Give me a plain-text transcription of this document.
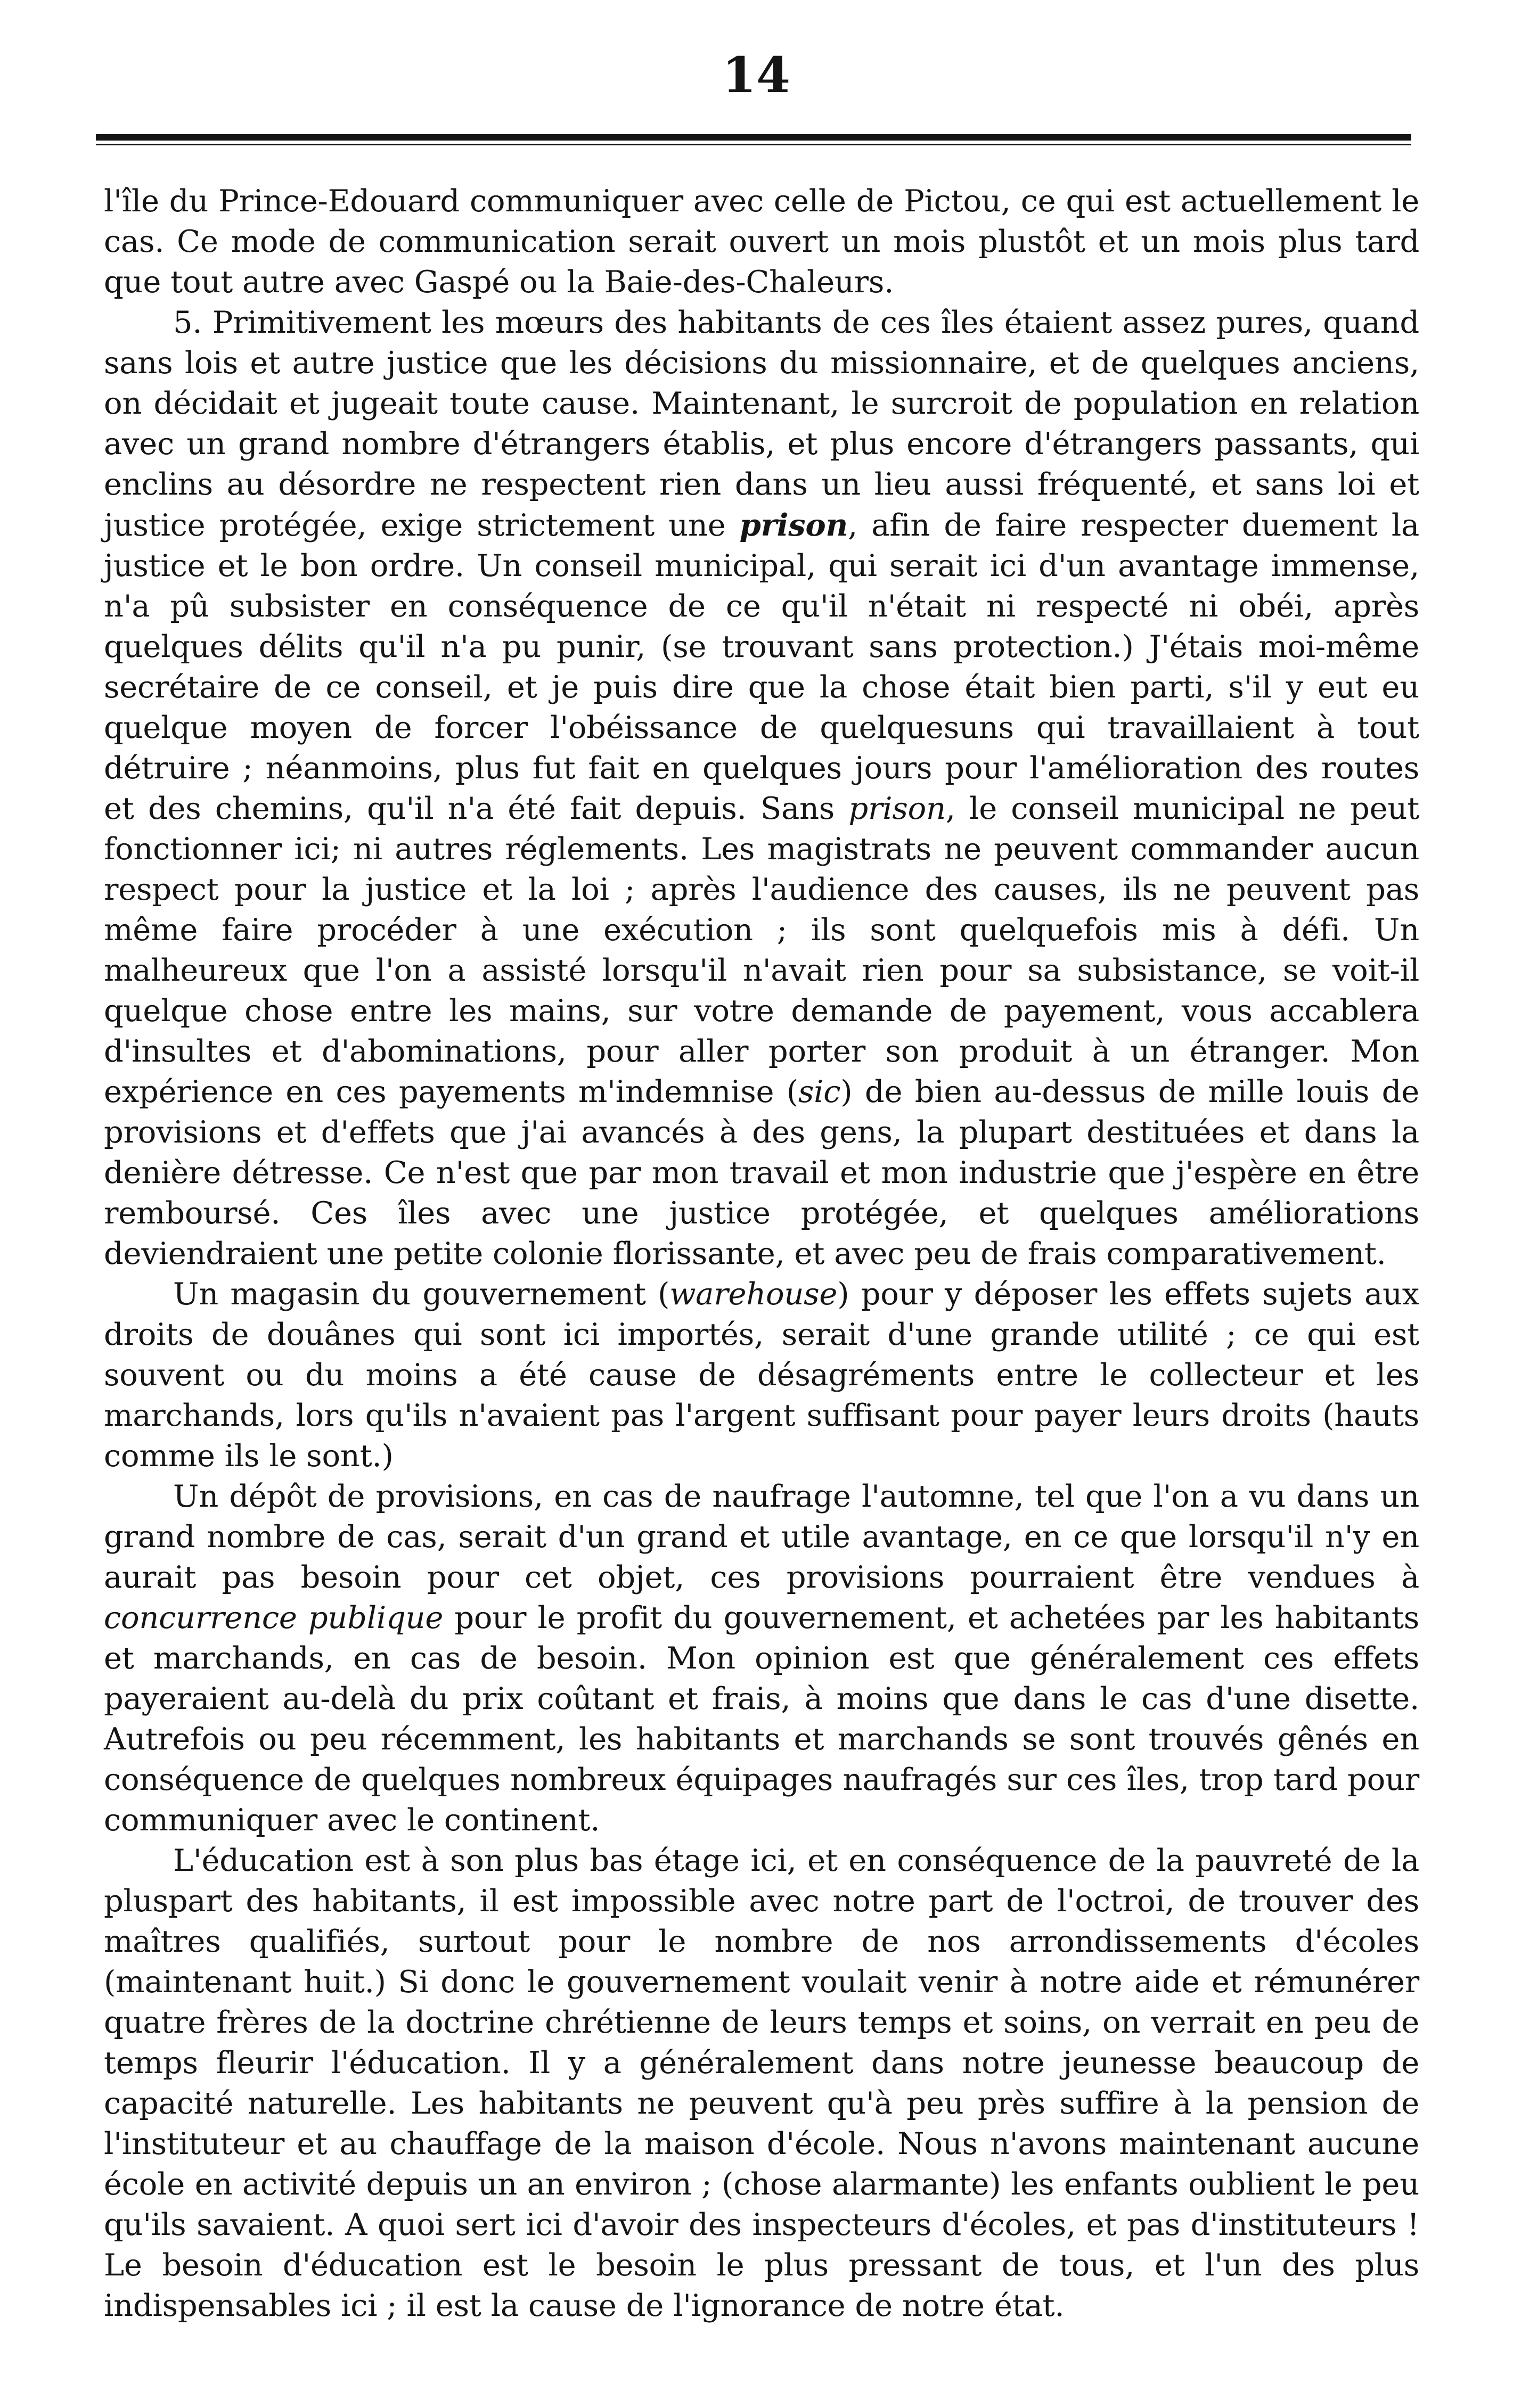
14

l'île du Prince-Edouard communiquer avec celle de Pictou, ce qui est actuellement le cas. Ce mode de communication serait ouvert un mois plustôt et un mois plus tard que tout autre avec Gaspé ou la Baie-des-Chaleurs.

5. Primitivement les mœurs des habitants de ces îles étaient assez pures, quand sans lois et autre justice que les décisions du missionnaire, et de quelques anciens, on décidait et jugeait toute cause. Maintenant, le surcroit de population en relation avec un grand nombre d'étrangers établis, et plus encore d'étrangers passants, qui enclins au désordre ne respectent rien dans un lieu aussi fréquenté, et sans loi et justice protégée, exige strictement une prison, afin de faire respecter duement la justice et le bon ordre. Un conseil municipal, qui serait ici d'un avantage immense, n'a pû subsister en conséquence de ce qu'il n'était ni respecté ni obéi, après quelques délits qu'il n'a pu punir, (se trouvant sans protection.) J'étais moi-même secrétaire de ce conseil, et je puis dire que la chose était bien parti, s'il y eut eu quelque moyen de forcer l'obéissance de quelquesuns qui travaillaient à tout détruire ; néanmoins, plus fut fait en quelques jours pour l'amélioration des routes et des chemins, qu'il n'a été fait depuis. Sans prison, le conseil municipal ne peut fonctionner ici; ni autres réglements. Les magistrats ne peuvent commander aucun respect pour la justice et la loi ; après l'audience des causes, ils ne peuvent pas même faire procéder à une exécution ; ils sont quelquefois mis à défi. Un malheureux que l'on a assisté lorsqu'il n'avait rien pour sa subsistance, se voit-il quelque chose entre les mains, sur votre demande de payement, vous accablera d'insultes et d'abominations, pour aller porter son produit à un étranger. Mon expérience en ces payements m'indemnise (sic) de bien au-dessus de mille louis de provisions et d'effets que j'ai avancés à des gens, la plupart destituées et dans la denière détresse. Ce n'est que par mon travail et mon industrie que j'espère en être remboursé. Ces îles avec une justice protégée, et quelques améliorations deviendraient une petite colonie florissante, et avec peu de frais comparativement.

Un magasin du gouvernement (warehouse) pour y déposer les effets sujets aux droits de douânes qui sont ici importés, serait d'une grande utilité ; ce qui est souvent ou du moins a été cause de désagréments entre le collecteur et les marchands, lors qu'ils n'avaient pas l'argent suffisant pour payer leurs droits (hauts comme ils le sont.)

Un dépôt de provisions, en cas de naufrage l'automne, tel que l'on a vu dans un grand nombre de cas, serait d'un grand et utile avantage, en ce que lorsqu'il n'y en aurait pas besoin pour cet objet, ces provisions pourraient être vendues à concurrence publique pour le profit du gouvernement, et achetées par les habitants et marchands, en cas de besoin. Mon opinion est que généralement ces effets payeraient au-delà du prix coûtant et frais, à moins que dans le cas d'une disette. Autrefois ou peu récemment, les habitants et marchands se sont trouvés gênés en conséquence de quelques nombreux équipages naufragés sur ces îles, trop tard pour communiquer avec le continent.

L'éducation est à son plus bas étage ici, et en conséquence de la pauvreté de la pluspart des habitants, il est impossible avec notre part de l'octroi, de trouver des maîtres qualifiés, surtout pour le nombre de nos arrondissements d'écoles (maintenant huit.) Si donc le gouvernement voulait venir à notre aide et rémunérer quatre frères de la doctrine chrétienne de leurs temps et soins, on verrait en peu de temps fleurir l'éducation. Il y a généralement dans notre jeunesse beaucoup de capacité naturelle. Les habitants ne peuvent qu'à peu près suffire à la pension de l'instituteur et au chauffage de la maison d'école. Nous n'avons maintenant aucune école en activité depuis un an environ ; (chose alarmante) les enfants oublient le peu qu'ils savaient. A quoi sert ici d'avoir des inspecteurs d'écoles, et pas d'instituteurs ! Le besoin d'éducation est le besoin le plus pressant de tous, et l'un des plus indispensables ici ; il est la cause de l'ignorance de notre état.
